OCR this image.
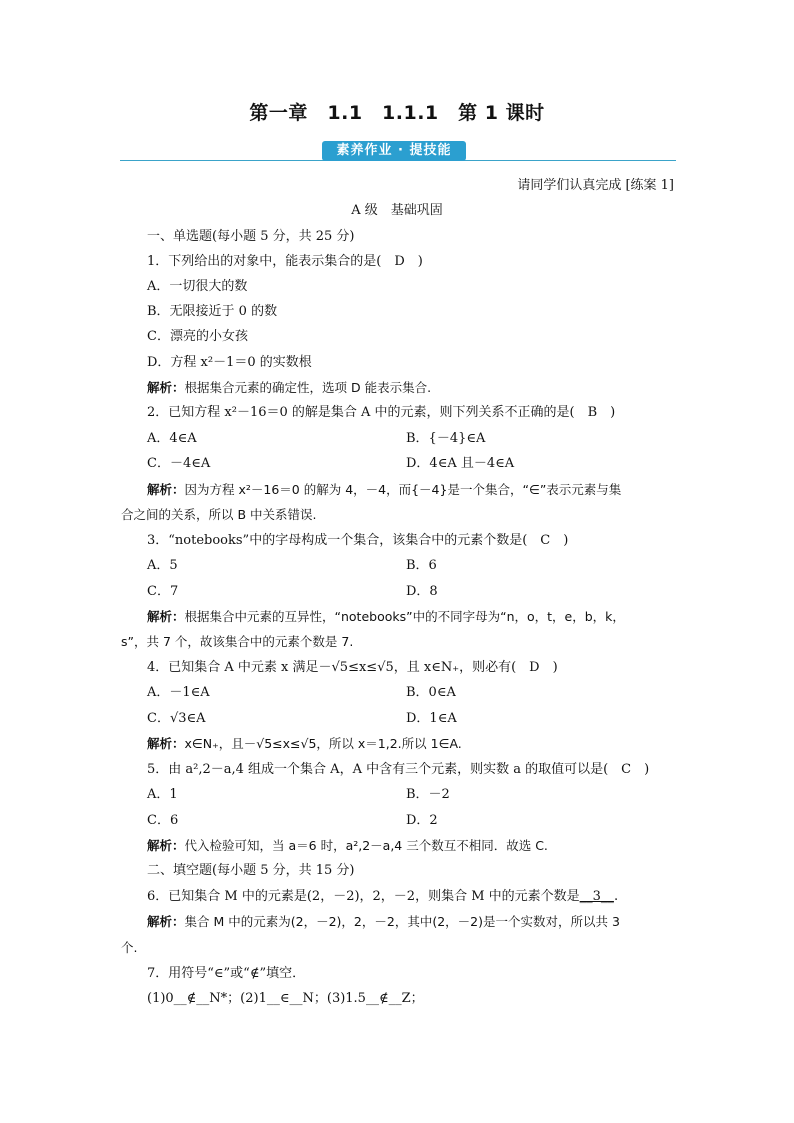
第一章　1.1　1.1.1　第 1 课时
素养作业 · 提技能
请同学们认真完成 [练案 1]
A 级　基础巩固
一、单选题(每小题 5 分，共 25 分)
1．下列给出的对象中，能表示集合的是(　D　)
A．一切很大的数
B．无限接近于 0 的数
C．漂亮的小女孩
D．方程 x²－1＝0 的实数根
解析：根据集合元素的确定性，选项 D 能表示集合.
2．已知方程 x²－16＝0 的解是集合 A 中的元素，则下列关系不正确的是(　B　)
A．4∈A	B．{－4}∈A
C．－4∈A	D．4∈A 且－4∈A
解析：因为方程 x²－16＝0 的解为 4，－4，而{－4}是一个集合，“∈”表示元素与集
合之间的关系，所以 B 中关系错误.
3．“notebooks”中的字母构成一个集合，该集合中的元素个数是(　C　)
A．5	B．6
C．7	D．8
解析：根据集合中元素的互异性，“notebooks”中的不同字母为“n，o，t，e，b，k，
s”，共 7 个，故该集合中的元素个数是 7.
4．已知集合 A 中元素 x 满足－√5≤x≤√5，且 x∈N₊，则必有(　D　)
A．－1∈A	B．0∈A
C．√3∈A	D．1∈A
解析：x∈N₊，且－√5≤x≤√5，所以 x＝1,2.所以 1∈A.
5．由 a²,2－a,4 组成一个集合 A，A 中含有三个元素，则实数 a 的取值可以是(　C　)
A．1	B．－2
C．6	D．2
解析：代入检验可知，当 a＝6 时，a²,2－a,4 三个数互不相同．故选 C.
二、填空题(每小题 5 分，共 15 分)
6．已知集合 M 中的元素是(2，－2)，2，－2，则集合 M 中的元素个数是__3__.
解析：集合 M 中的元素为(2，－2)，2，－2，其中(2，－2)是一个实数对，所以共 3
个.
7．用符号“∈”或“∉”填空．
(1)0__∉__N*；(2)1__∈__N；(3)1.5__∉__Z；
